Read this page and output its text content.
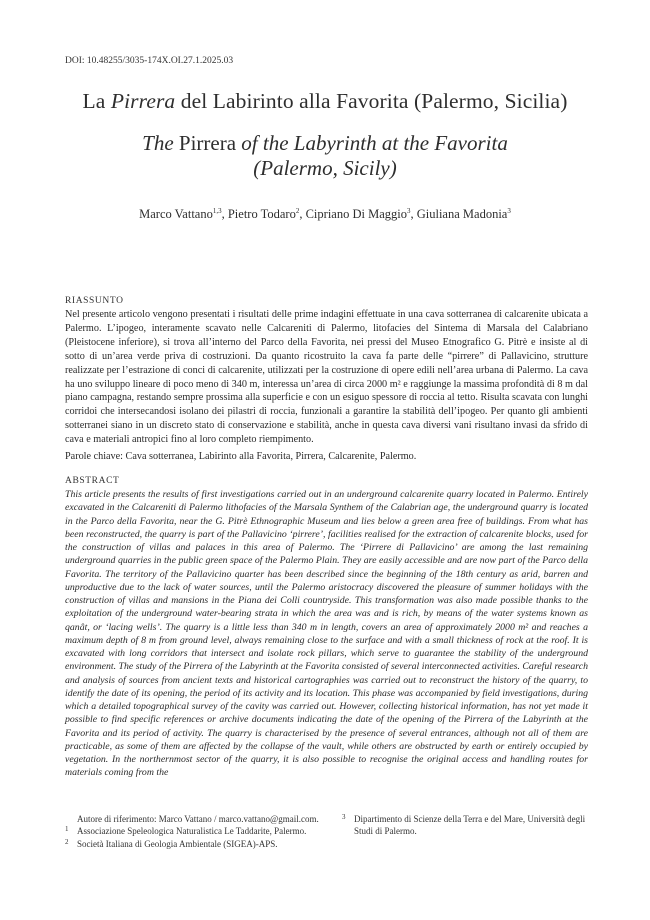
DOI: 10.48255/3035-174X.OI.27.1.2025.03
La Pirrera del Labirinto alla Favorita (Palermo, Sicilia)
The Pirrera of the Labyrinth at the Favorita
(Palermo, Sicily)
Marco Vattano$^{1,3}$, Pietro Todaro$^2$, Cipriano Di Maggio$^3$, Giuliana Madonia$^3$
RIASSUNTO

Nel presente articolo vengono presentati i risultati delle prime indagini effettuate in una cava sotterranea di calcarenite ubicata a Palermo. L’ipogeo, interamente scavato nelle Calcareniti di Palermo, litofacies del Sintema di Marsala del Calabriano (Pleistocene inferiore), si trova all’interno del Parco della Favorita, nei pressi del Museo Etnografico G. Pitrè e insiste al di sotto di un’area verde priva di costruzioni. Da quanto ricostruito la cava fa parte delle “pirrere” di Pallavicino, strutture realizzate per l’estrazione di conci di calcarenite, utilizzati per la costruzione di opere edili nell’area urbana di Palermo. La cava ha uno sviluppo lineare di poco meno di 340 m, interessa un’area di circa 2000 m² e raggiunge la massima profondità di 8 m dal piano campagna, restando sempre prossima alla superficie e con un esiguo spessore di roccia al tetto. Risulta scavata con lunghi corridoi che intersecandosi isolano dei pilastri di roccia, funzionali a garantire la stabilità dell’ipogeo. Per quanto gli ambienti sotterranei siano in un discreto stato di conservazione e stabilità, anche in questa cava diversi vani risultano invasi da sfrido di cava e materiali antropici fino al loro completo riempimento.

Parole chiave: Cava sotterranea, Labirinto alla Favorita, Pirrera, Calcarenite, Palermo.
ABSTRACT

This article presents the results of first investigations carried out in an underground calcarenite quarry located in Palermo. Entirely excavated in the Calcareniti di Palermo lithofacies of the Marsala Synthem of the Calabrian age, the underground quarry is located in the Parco della Favorita, near the G. Pitrè Ethnographic Museum and lies below a green area free of buildings. From what has been reconstructed, the quarry is part of the Pallavicino ‘pirrere’, facilities realised for the extraction of calcarenite blocks, used for the construction of villas and palaces in this area of Palermo. The ‘Pirrere di Pallavicino’ are among the last remaining underground quarries in the public green space of the Palermo Plain. They are easily accessible and are now part of the Parco della Favorita. The territory of the Pallavicino quarter has been described since the beginning of the 18th century as arid, barren and unproductive due to the lack of water sources, until the Palermo aristocracy discovered the pleasure of summer holidays with the construction of villas and mansions in the Piana dei Colli countryside. This transformation was also made possible thanks to the exploitation of the underground water-bearing strata in which the area was and is rich, by means of the water systems known as qanât, or ‘lacing wells’. The quarry is a little less than 340 m in length, covers an area of approximately 2000 m² and reaches a maximum depth of 8 m from ground level, always remaining close to the surface and with a small thickness of rock at the roof. It is excavated with long corridors that intersect and isolate rock pillars, which serve to guarantee the stability of the underground environment. The study of the Pirrera of the Labyrinth at the Favorita consisted of several interconnected activities. Careful research and analysis of sources from ancient texts and historical cartographies was carried out to reconstruct the history of the quarry, to identify the date of its opening, the period of its activity and its location. This phase was accompanied by field investigations, during which a detailed topographical survey of the cavity was carried out. However, collecting historical information, has not yet made it possible to find specific references or archive documents indicating the date of the opening of the Pirrera of the Labyrinth at the Favorita and its period of activity. The quarry is characterised by the presence of several entrances, although not all of them are practicable, as some of them are affected by the collapse of the vault, while others are obstructed by earth or entirely occupied by vegetation. In the northernmost sector of the quarry, it is also possible to recognise the original access and handling routes for materials coming from the

Autore di riferimento: Marco Vattano / marco.vattano@gmail.com.
1 Associazione Speleologica Naturalistica Le Taddarite, Palermo.
2 Società Italiana di Geologia Ambientale (SIGEA)-APS.
3 Dipartimento di Scienze della Terra e del Mare, Università degli Studi di Palermo.
